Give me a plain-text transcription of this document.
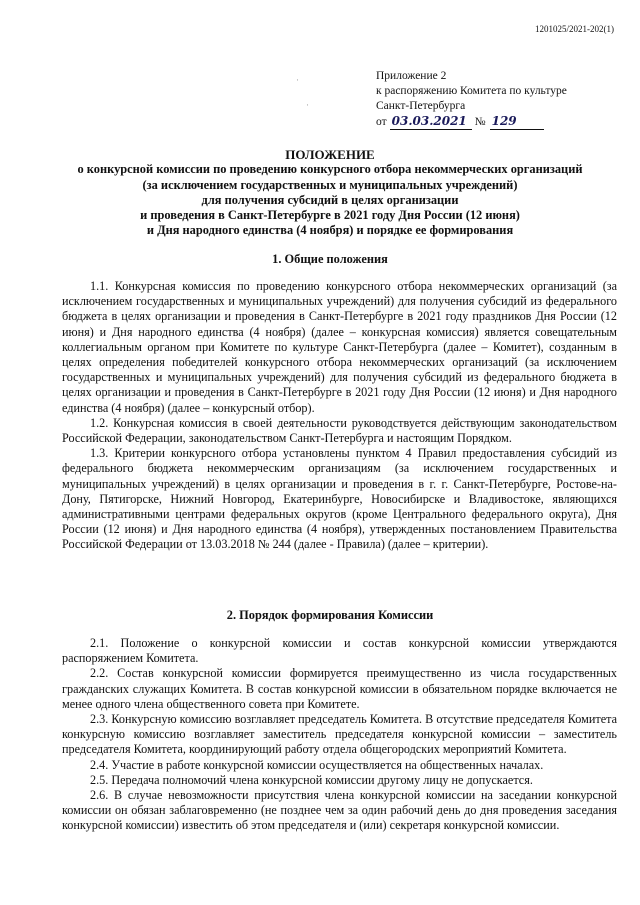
1201025/2021-202(1)
·
·
Приложение 2
к распоряжению Комитета по культуре
Санкт-Петербурга
от 03.03.2021 № 129
ПОЛОЖЕНИЕ
о конкурсной комиссии по проведению конкурсного отбора некоммерческих организаций
(за исключением государственных и муниципальных учреждений)
для получения субсидий в целях организации
и проведения в Санкт-Петербурге в 2021 году Дня России (12 июня)
и Дня народного единства (4 ноября) и порядке ее формирования
1. Общие положения

1.1. Конкурсная комиссия по проведению конкурсного отбора некоммерческих организаций (за исключением государственных и муниципальных учреждений) для получения субсидий из федерального бюджета в целях организации и проведения в Санкт-Петербурге в 2021 году праздников Дня России (12 июня) и Дня народного единства (4 ноября) (далее – конкурсная комиссия) является совещательным коллегиальным органом при Комитете по культуре Санкт-Петербурга (далее – Комитет), созданным в целях определения победителей конкурсного отбора некоммерческих организаций (за исключением государственных и муниципальных учреждений) для получения субсидий из федерального бюджета в целях организации и проведения в Санкт-Петербурге в 2021 году Дня России (12 июня) и Дня народного единства (4 ноября) (далее – конкурсный отбор).

1.2. Конкурсная комиссия в своей деятельности руководствуется действующим законодательством Российской Федерации, законодательством Санкт-Петербурга и настоящим Порядком.

1.3. Критерии конкурсного отбора установлены пунктом 4 Правил предоставления субсидий из федерального бюджета некоммерческим организациям (за исключением государственных и муниципальных учреждений) в целях организации и проведения в г. г. Санкт-Петербурге, Ростове-на-Дону, Пятигорске, Нижний Новгород, Екатеринбурге, Новосибирске и Владивостоке, являющихся административными центрами федеральных округов (кроме Центрального федерального округа), Дня России (12 июня) и Дня народного единства (4 ноября), утвержденных постановлением Правительства Российской Федерации от 13.03.2018 № 244 (далее - Правила) (далее – критерии).

2. Порядок формирования Комиссии

2.1. Положение о конкурсной комиссии и состав конкурсной комиссии утверждаются распоряжением Комитета.

2.2. Состав конкурсной комиссии формируется преимущественно из числа государственных гражданских служащих Комитета. В состав конкурсной комиссии в обязательном порядке включается не менее одного члена общественного совета при Комитете.

2.3. Конкурсную комиссию возглавляет председатель Комитета. В отсутствие председателя Комитета конкурсную комиссию возглавляет заместитель председателя конкурсной комиссии – заместитель председателя Комитета, координирующий работу отдела общегородских мероприятий Комитета.

2.4. Участие в работе конкурсной комиссии осуществляется на общественных началах.

2.5. Передача полномочий члена конкурсной комиссии другому лицу не допускается.

2.6. В случае невозможности присутствия члена конкурсной комиссии на заседании конкурсной комиссии он обязан заблаговременно (не позднее чем за один рабочий день до дня проведения заседания конкурсной комиссии) известить об этом председателя и (или) секретаря конкурсной комиссии.
